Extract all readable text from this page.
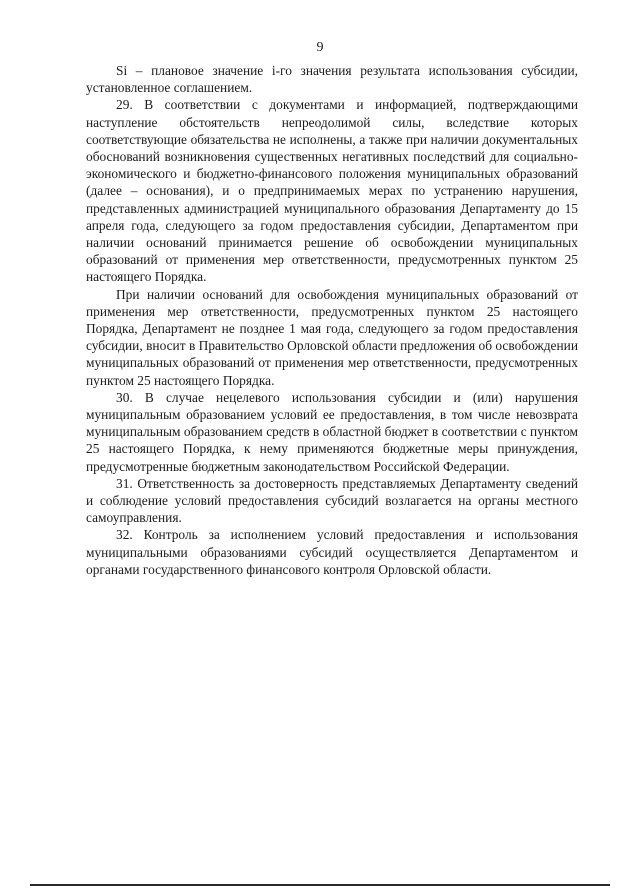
9

Si – плановое значение i-го значения результата использования субсидии, установленное соглашением.

29. В соответствии с документами и информацией, подтверждающими наступление обстоятельств непреодолимой силы, вследствие которых соответствующие обязательства не исполнены, а также при наличии документальных обоснований возникновения существенных негативных последствий для социально-экономического и бюджетно-финансового положения муниципальных образований (далее – основания), и о предпринимаемых мерах по устранению нарушения, представленных администрацией муниципального образования Департаменту до 15 апреля года, следующего за годом предоставления субсидии, Департаментом при наличии оснований принимается решение об освобождении муниципальных образований от применения мер ответственности, предусмотренных пунктом 25 настоящего Порядка.

При наличии оснований для освобождения муниципальных образований от применения мер ответственности, предусмотренных пунктом 25 настоящего Порядка, Департамент не позднее 1 мая года, следующего за годом предоставления субсидии, вносит в Правительство Орловской области предложения об освобождении муниципальных образований от применения мер ответственности, предусмотренных пунктом 25 настоящего Порядка.

30. В случае нецелевого использования субсидии и (или) нарушения муниципальным образованием условий ее предоставления, в том числе невозврата муниципальным образованием средств в областной бюджет в соответствии с пунктом 25 настоящего Порядка, к нему применяются бюджетные меры принуждения, предусмотренные бюджетным законодательством Российской Федерации.

31. Ответственность за достоверность представляемых Департаменту сведений и соблюдение условий предоставления субсидий возлагается на органы местного самоуправления.

32. Контроль за исполнением условий предоставления и использования муниципальными образованиями субсидий осуществляется Департаментом и органами государственного финансового контроля Орловской области.
